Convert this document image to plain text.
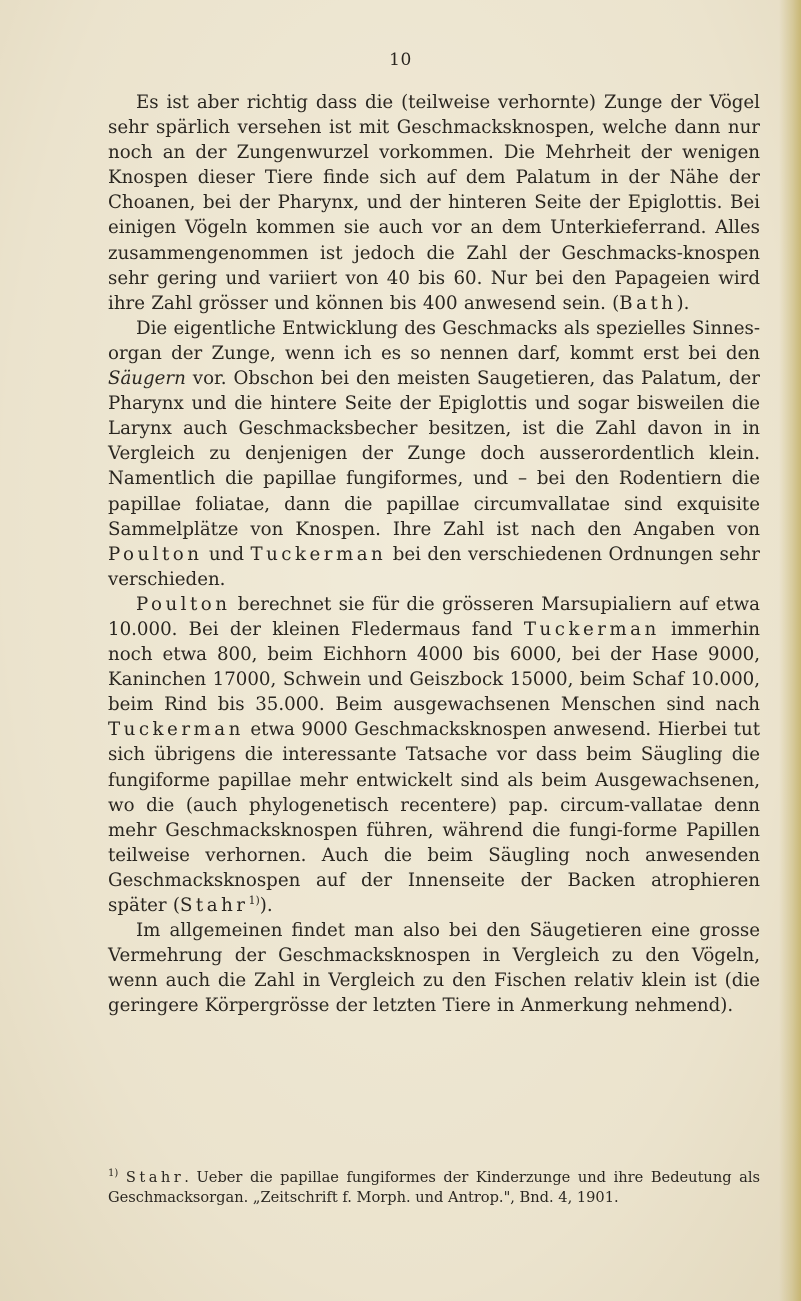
10

Es ist aber richtig dass die (teilweise verhornte) Zunge der Vögel sehr spärlich versehen ist mit Geschmacksknospen, welche dann nur noch an der Zungenwurzel vorkommen. Die Mehrheit der wenigen Knospen dieser Tiere finde sich auf dem Palatum in der Nähe der Choanen, bei der Pharynx, und der hinteren Seite der Epiglottis. Bei einigen Vögeln kommen sie auch vor an dem Unterkieferrand. Alles zusammengenommen ist jedoch die Zahl der Geschmacks-knospen sehr gering und variiert von 40 bis 60. Nur bei den Papageien wird ihre Zahl grösser und können bis 400 anwesend sein. (Bath).

Die eigentliche Entwicklung des Geschmacks als spezielles Sinnes-organ der Zunge, wenn ich es so nennen darf, kommt erst bei den Säugern vor. Obschon bei den meisten Saugetieren, das Palatum, der Pharynx und die hintere Seite der Epiglottis und sogar bisweilen die Larynx auch Geschmacksbecher besitzen, ist die Zahl davon in in Vergleich zu denjenigen der Zunge doch ausserordentlich klein. Namentlich die papillae fungiformes, und – bei den Rodentiern die papillae foliatae, dann die papillae circumvallatae sind exquisite Sammelplätze von Knospen. Ihre Zahl ist nach den Angaben von Poulton und Tuckerman bei den verschiedenen Ordnungen sehr verschieden.

Poulton berechnet sie für die grösseren Marsupialiern auf etwa 10.000. Bei der kleinen Fledermaus fand Tuckerman immerhin noch etwa 800, beim Eichhorn 4000 bis 6000, bei der Hase 9000, Kaninchen 17000, Schwein und Geiszbock 15000, beim Schaf 10.000, beim Rind bis 35.000. Beim ausgewachsenen Menschen sind nach Tuckerman etwa 9000 Geschmacksknospen anwesend. Hierbei tut sich übrigens die interessante Tatsache vor dass beim Säugling die fungiforme papillae mehr entwickelt sind als beim Ausgewachsenen, wo die (auch phylogenetisch recentere) pap. circum-vallatae denn mehr Geschmacksknospen führen, während die fungi-forme Papillen teilweise verhornen. Auch die beim Säugling noch anwesenden Geschmacksknospen auf der Innenseite der Backen atrophieren später (Stahr$^{1)}$).

Im allgemeinen findet man also bei den Säugetieren eine grosse Vermehrung der Geschmacksknospen in Vergleich zu den Vögeln, wenn auch die Zahl in Vergleich zu den Fischen relativ klein ist (die geringere Körpergrösse der letzten Tiere in Anmerkung nehmend).

$^{1)}$ Stahr. Ueber die papillae fungiformes der Kinderzunge und ihre Bedeutung als Geschmacksorgan. „Zeitschrift f. Morph. und Antrop.", Bnd. 4, 1901.
